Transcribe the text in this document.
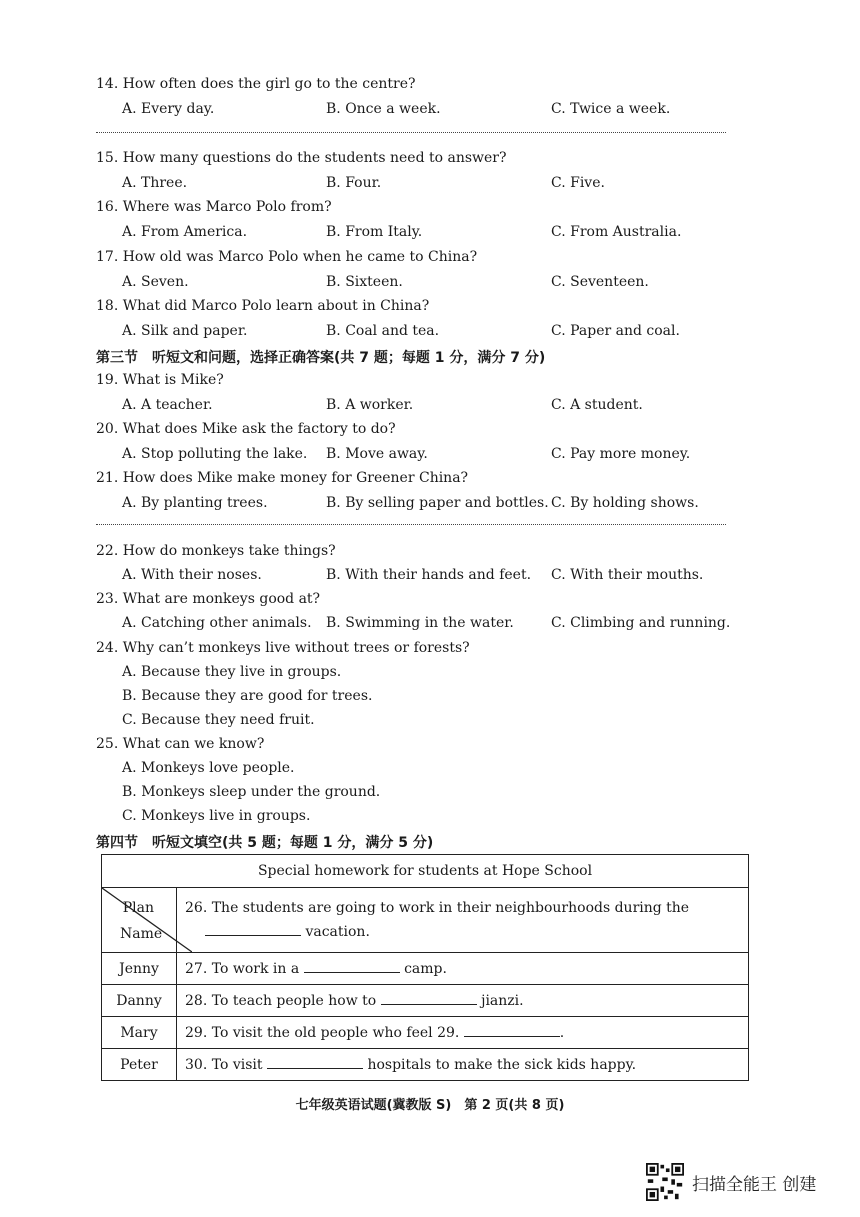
14. How often does the girl go to the centre?
A. Every day.	B. Once a week.	C. Twice a week.
15. How many questions do the students need to answer?
A. Three.	B. Four.	C. Five.
16. Where was Marco Polo from?
A. From America.	B. From Italy.	C. From Australia.
17. How old was Marco Polo when he came to China?
A. Seven.	B. Sixteen.	C. Seventeen.
18. What did Marco Polo learn about in China?
A. Silk and paper.	B. Coal and tea.	C. Paper and coal.
第三节　听短文和问题，选择正确答案(共 7 题；每题 1 分，满分 7 分)
19. What is Mike?
A. A teacher.	B. A worker.	C. A student.
20. What does Mike ask the factory to do?
A. Stop polluting the lake. B. Move away.	C. Pay more money.
21. How does Mike make money for Greener China?
A. By planting trees.	B. By selling paper and bottles. C. By holding shows.
22. How do monkeys take things?
A. With their noses.	B. With their hands and feet. C. With their mouths.
23. What are monkeys good at?
A. Catching other animals. B. Swimming in the water.	C. Climbing and running.
24. Why can’t monkeys live without trees or forests?
A. Because they live in groups.
B. Because they are good for trees.
C. Because they need fruit.
25. What can we know?
A. Monkeys love people.
B. Monkeys sleep under the ground.
C. Monkeys live in groups.
第四节　听短文填空(共 5 题；每题 1 分，满分 5 分)
Special homework for students at Hope School	

Plan
Name	26. The students are going to work in their neighbourhoods during the
vacation.
Jenny	27. To work in a camp.
Danny	28. To teach people how to jianzi.
Mary	29. To visit the old people who feel 29. .
Peter	30. To visit hospitals to make the sick kids happy.
七年级英语试题(冀教版 S)　第 2 页(共 8 页)
扫描全能王 创建
